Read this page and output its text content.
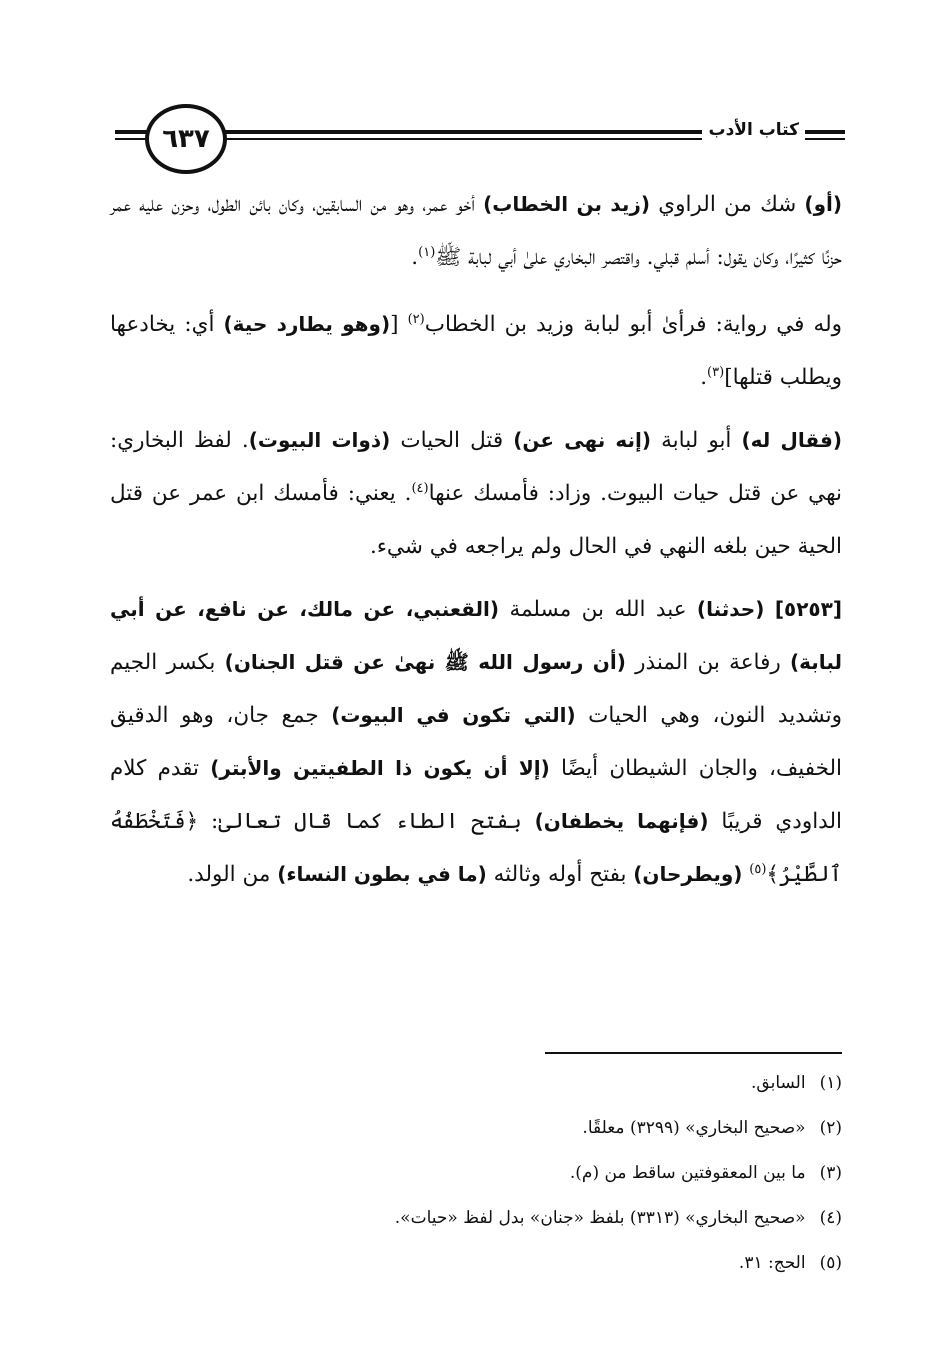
٦٣٧	كتاب الأدب

(أو) شك من الراوي (زيد بن الخطاب) أخو عمر، وهو من السابقين، وكان بائن الطول، وحزن عليه عمر حزنًا كثيرًا، وكان يقول: أسلم قبلي. واقتصر البخاري علىٰ أبي لبابة ﷺ$^{(١)}$.

وله في رواية: فرأىٰ أبو لبابة وزيد بن الخطاب$^{(٢)}$ [(وهو يطارد حية) أي: يخادعها ويطلب قتلها]$^{(٣)}$.

(فقال له) أبو لبابة (إنه نهى عن) قتل الحيات (ذوات البيوت). لفظ البخاري: نهي عن قتل حيات البيوت. وزاد: فأمسك عنها$^{(٤)}$. يعني: فأمسك ابن عمر عن قتل الحية حين بلغه النهي في الحال ولم يراجعه في شيء.

[٥٢٥٣] (حدثنا) عبد الله بن مسلمة (القعنبي، عن مالك، عن نافع، عن أبي لبابة) رفاعة بن المنذر (أن رسول الله ﷺ نهىٰ عن قتل الجنان) بكسر الجيم وتشديد النون، وهي الحيات (التي تكون في البيوت) جمع جان، وهو الدقيق الخفيف، والجان الشيطان أيضًا (إلا أن يكون ذا الطفيتين والأبتر) تقدم كلام الداودي قريبًا (فإنهما يخطفان) بفتح الطاء كما قال تعالىٰ: ﴿فَتَخْطَفُهُ ٱلطَّيْرُ﴾$^{(٥)}$ (ويطرحان) بفتح أوله وثالثه (ما في بطون النساء) من الولد.

(١)السابق.
(٢)«صحيح البخاري» (٣٢٩٩) معلقًا.
(٣)ما بين المعقوفتين ساقط من (م).
(٤)«صحيح البخاري» (٣٣١٣) بلفظ «جنان» بدل لفظ «حيات».
(٥)الحج: ٣١.
